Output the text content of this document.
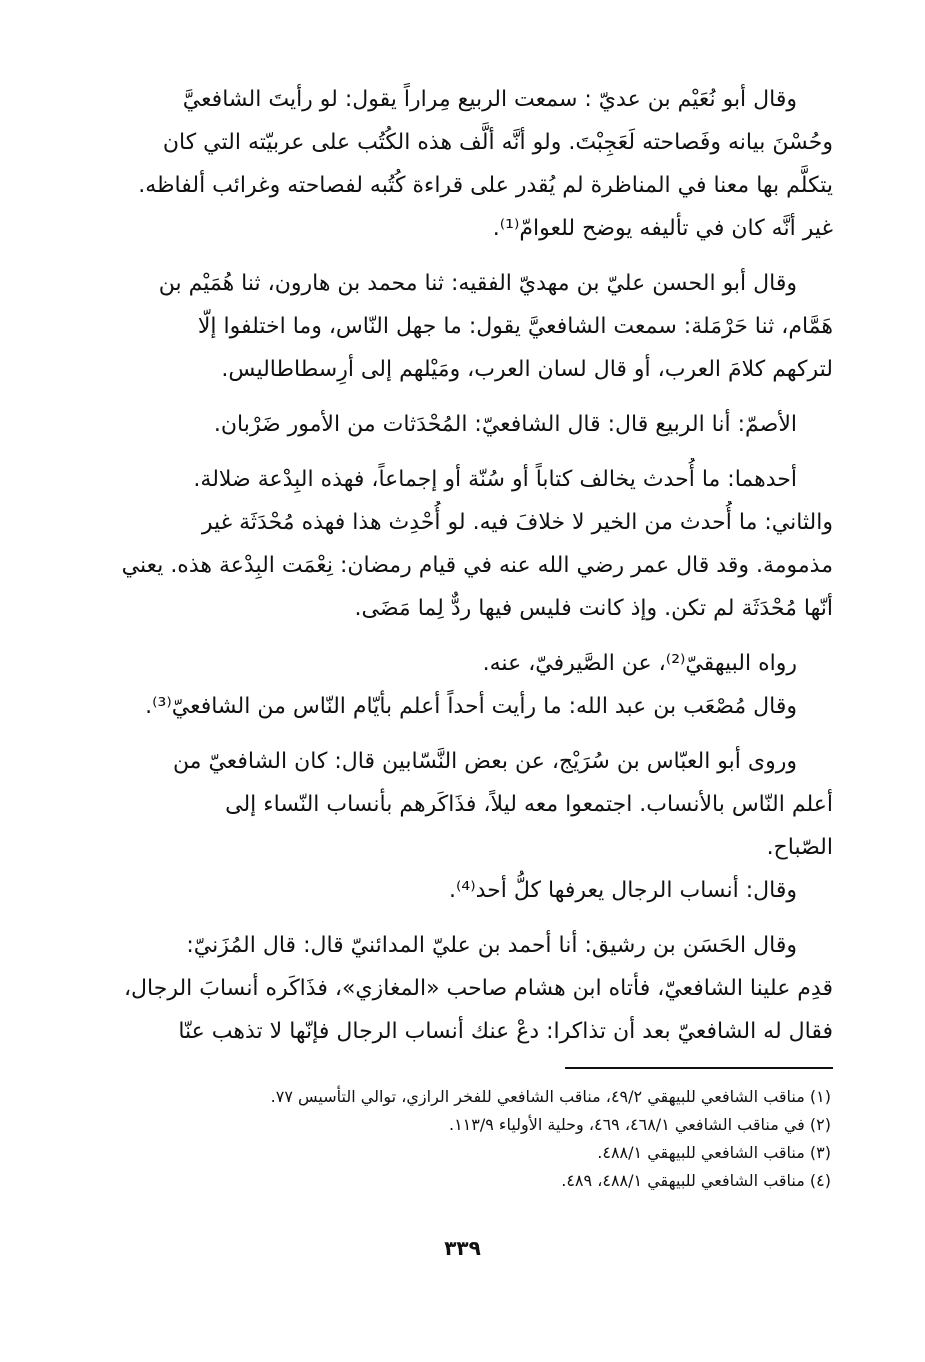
وقال أبو نُعَيْم بن عديّ : سمعت الربيع مِراراً يقول: لو رأيتَ الشافعيَّ
وحُسْنَ بيانه وفَصاحته لَعَجِبْتَ. ولو أنَّه ألَّف هذه الكُتُب على عربيّته التي كان
يتكلَّم بها معنا في المناظرة لم يُقدر على قراءة كُتُبه لفصاحته وغرائب ألفاظه.
غير أنَّه كان في تأليفه يوضح للعوامّ⁽¹⁾.
وقال أبو الحسن عليّ بن مهديّ الفقيه: ثنا محمد بن هارون، ثنا هُمَيْم بن
هَمَّام، ثنا حَرْمَلة: سمعت الشافعيَّ يقول: ما جهل النّاس، وما اختلفوا إلّا
لتركهم كلامَ العرب، أو قال لسان العرب، ومَيْلهم إلى أرِسطاطاليس.
الأصمّ: أنا الربيع قال: قال الشافعيّ: المُحْدَثات من الأمور ضَرْبان.
أحدهما: ما أُحدث يخالف كتاباً أو سُنّة أو إجماعاً، فهذه البِدْعة ضلالة.
والثاني: ما أُحدث من الخير لا خلافَ فيه. لو أُحْدِث هذا فهذه مُحْدَثَة غير
مذمومة. وقد قال عمر رضي الله عنه في قيام رمضان: نِعْمَت البِدْعة هذه. يعني
أنّها مُحْدَثَة لم تكن. وإذ كانت فليس فيها ردٌّ لِما مَضَى.
رواه البيهقيّ⁽²⁾، عن الصَّيرفيّ، عنه.
وقال مُصْعَب بن عبد الله: ما رأيت أحداً أعلم بأيّام النّاس من الشافعيّ⁽³⁾.
وروى أبو العبّاس بن سُرَيْج، عن بعض النَّسّابين قال: كان الشافعيّ من
أعلم النّاس بالأنساب. اجتمعوا معه ليلاً، فذَاكَرهم بأنساب النّساء إلى
الصّباح.
وقال: أنساب الرجال يعرفها كلُّ أحد⁽⁴⁾.
وقال الحَسَن بن رشيق: أنا أحمد بن عليّ المدائنيّ قال: قال المُزَنيّ:
قدِم علينا الشافعيّ، فأتاه ابن هشام صاحب «المغازي»، فذَاكَره أنسابَ الرجال،
فقال له الشافعيّ بعد أن تذاكرا: دعْ عنك أنساب الرجال فإنّها لا تذهب عنّا
(١) مناقب الشافعي للبيهقي ٤٩/٢، مناقب الشافعي للفخر الرازي، توالي التأسيس ٧٧.
(٢) في مناقب الشافعي ٤٦٨/١، ٤٦٩، وحلية الأولياء ١١٣/٩.
(٣) مناقب الشافعي للبيهقي ٤٨٨/١.
(٤) مناقب الشافعي للبيهقي ٤٨٨/١، ٤٨٩.
٣٣٩
